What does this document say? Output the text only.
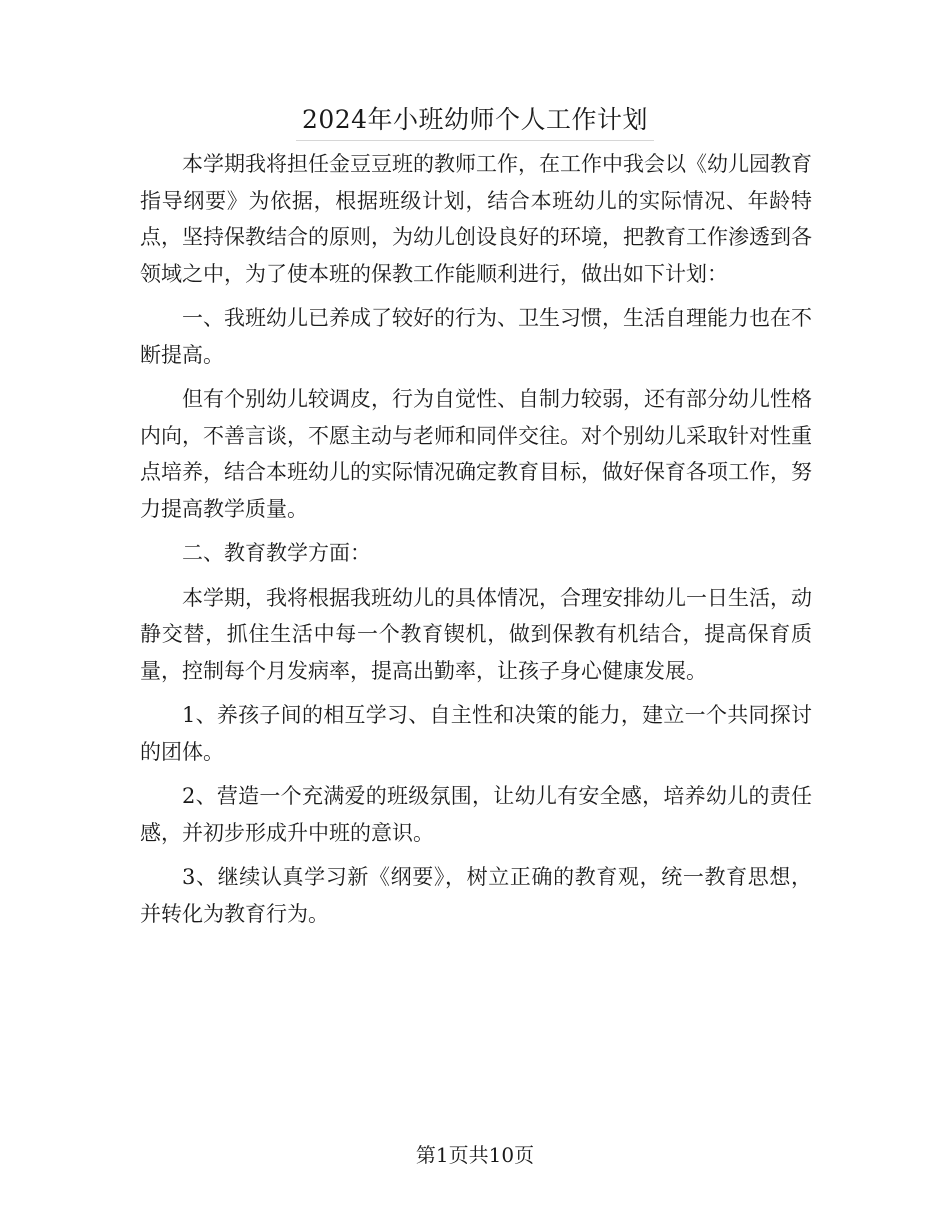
2024年小班幼师个人工作计划

本学期我将担任金豆豆班的教师工作，在工作中我会以《幼儿园教育指导纲要》为依据，根据班级计划，结合本班幼儿的实际情况、年龄特点，坚持保教结合的原则，为幼儿创设良好的环境，把教育工作渗透到各领域之中，为了使本班的保教工作能顺利进行，做出如下计划：

一、我班幼儿已养成了较好的行为、卫生习惯，生活自理能力也在不断提高。

但有个别幼儿较调皮，行为自觉性、自制力较弱，还有部分幼儿性格内向，不善言谈，不愿主动与老师和同伴交往。对个别幼儿采取针对性重点培养，结合本班幼儿的实际情况确定教育目标，做好保育各项工作，努力提高教学质量。

二、教育教学方面：

本学期，我将根据我班幼儿的具体情况，合理安排幼儿一日生活，动静交替，抓住生活中每一个教育锲机，做到保教有机结合，提高保育质量，控制每个月发病率，提高出勤率，让孩子身心健康发展。

1、养孩子间的相互学习、自主性和决策的能力，建立一个共同探讨的团体。

2、营造一个充满爱的班级氛围，让幼儿有安全感，培养幼儿的责任感，并初步形成升中班的意识。

3、继续认真学习新《纲要》，树立正确的教育观，统一教育思想，并转化为教育行为。

第1页共10页
